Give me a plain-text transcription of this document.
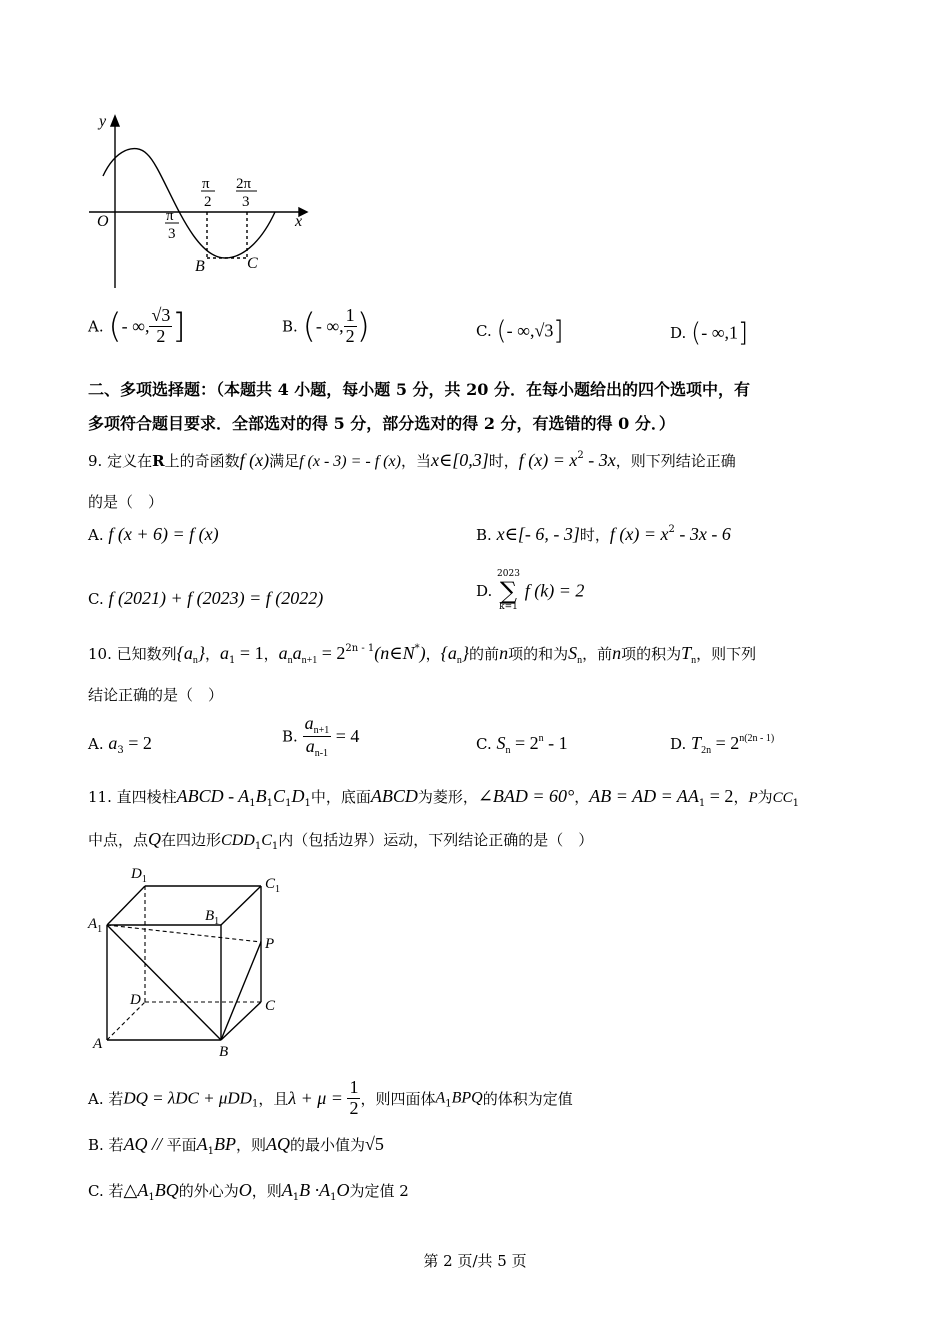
y
x
O	π
3
π
2
2π
3
B	C
A. (- ∞, $\frac{√3}{2}$ ]	B. (- ∞, $\frac{1}{2}$ )	C. (- ∞,√3]	D. (- ∞,1]
二、多项选择题：（本题共 4 小题，每小题 5 分，共 20 分．在每小题给出的四个选项中，有
多项符合题目要求．全部选对的得 5 分，部分选对的得 2 分，有选错的得 0 分．）
9. 定义在R上的奇函数f (x)满足f (x - 3) = - f (x)，当x∈[0,3]时，f $(x) = x^2 - 3x$，则下列结论正确
的是（　）
A. f (x + 6) = f (x)	B. x∈[- 6, - 3]时，f $(x) = x^2 - 3x - 6$
C. f (2021) + f (2023) = f (2022)	D.
2023
∑
k=1
f (k) = 2
10. 已知数列$\{a_n\}$，$a_1 = 1$，$a_na_{n+1}$ = $2^{2n - 1}(n\in N^*)$，$\{a_n\}$的前n项的和为$S_n$，前n项的积为$T_n$，则下列
结论正确的是（　）
A. $a_3 = 2$	B. $\frac{a_{n+1}}{a_{n-1}} = 4$	C. $S_n = 2^n - 1$	D. $T_{2n} = 2^{n(2n - 1)}$
11. 直四棱柱ABCD - $A_1B_1C_1D_1$中，底面ABCD为菱形，∠BAD = 60°，AB = AD = $AA_1 = 2$，P为$CC_1$
中点，点Q在四边形$CDD_1C_1$内（包括边界）运动，下列结论正确的是（　）
$D_1$	$C_1$
$B_1$
$A_1$
P
D	C
A	B
A. 若DQ = λDC + μDD$_1$，且$\lambda + \mu = \frac{1}{2}$ ，则四面体$A_1BPQ$的体积为定值
B. 若AQ // 平面$A_1BP$，则AQ的最小值为√5
C. 若$\triangle A_1BQ$的外心为O，则$A_1B \cdot A_1O$为定值 2
第 2 页/共 5 页
